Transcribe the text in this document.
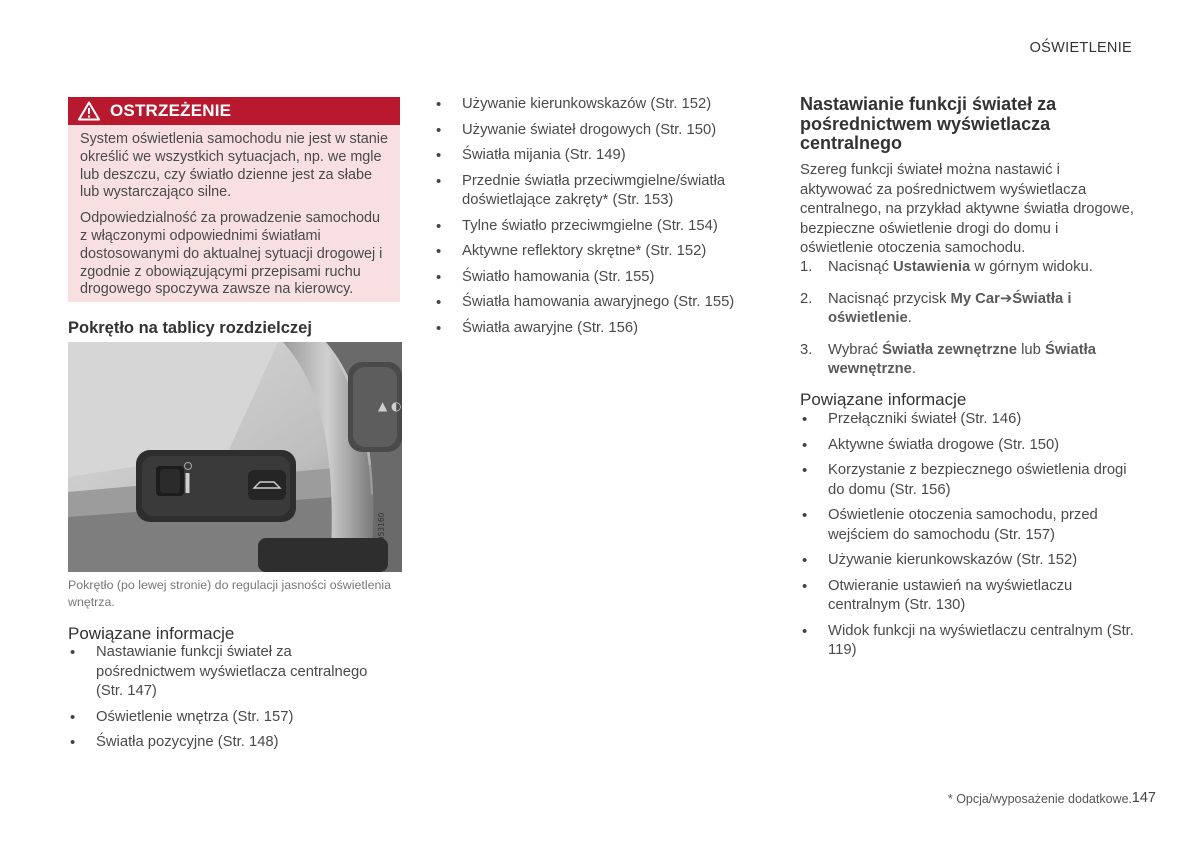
OŚWIETLENIE
OSTRZEŻENIE

System oświetlenia samochodu nie jest w stanie określić we wszystkich sytuacjach, np. we mgle lub deszczu, czy światło dzienne jest za słabe lub wystarczająco silne.

Odpowiedzialność za prowadzenie samochodu z włączonymi odpowiednimi światłami dostosowanymi do aktualnej sytuacji drogowej i zgodnie z obowiązującymi przepisami ruchu drogowego spoczywa zawsze na kierowcy.

Pokrętło na tablicy rozdzielczej
▲ ◐
G053160
Pokrętło (po lewej stronie) do regulacji jasności oświetlenia wnętrza.
Powiązane informacje
• Nastawianie funkcji świateł za pośrednictwem wyświetlacza centralnego (Str. 147)
• Oświetlenie wnętrza (Str. 157)
• Światła pozycyjne (Str. 148)
• Używanie kierunkowskazów (Str. 152)
• Używanie świateł drogowych (Str. 150)
• Światła mijania (Str. 149)
• Przednie światła przeciwmgielne/światła doświetlające zakręty* (Str. 153)
• Tylne światło przeciwmgielne (Str. 154)
• Aktywne reflektory skrętne* (Str. 152)
• Światło hamowania (Str. 155)
• Światła hamowania awaryjnego (Str. 155)
• Światła awaryjne (Str. 156)
Nastawianie funkcji świateł za pośrednictwem wyświetlacza centralnego
Szereg funkcji świateł można nastawić i aktywować za pośrednictwem wyświetlacza centralnego, na przykład aktywne światła drogowe, bezpieczne oświetlenie drogi do domu i oświetlenie otoczenia samochodu.
1. Nacisnąć Ustawienia w górnym widoku.
2. Nacisnąć przycisk My Car➔Światła i oświetlenie.
3. Wybrać Światła zewnętrzne lub Światła wewnętrzne.
Powiązane informacje
• Przełączniki świateł (Str. 146)
• Aktywne światła drogowe (Str. 150)
• Korzystanie z bezpiecznego oświetlenia drogi do domu (Str. 156)
• Oświetlenie otoczenia samochodu, przed wejściem do samochodu (Str. 157)
• Używanie kierunkowskazów (Str. 152)
• Otwieranie ustawień na wyświetlaczu centralnym (Str. 130)
• Widok funkcji na wyświetlaczu centralnym (Str. 119)
* Opcja/wyposażenie dodatkowe. 147
